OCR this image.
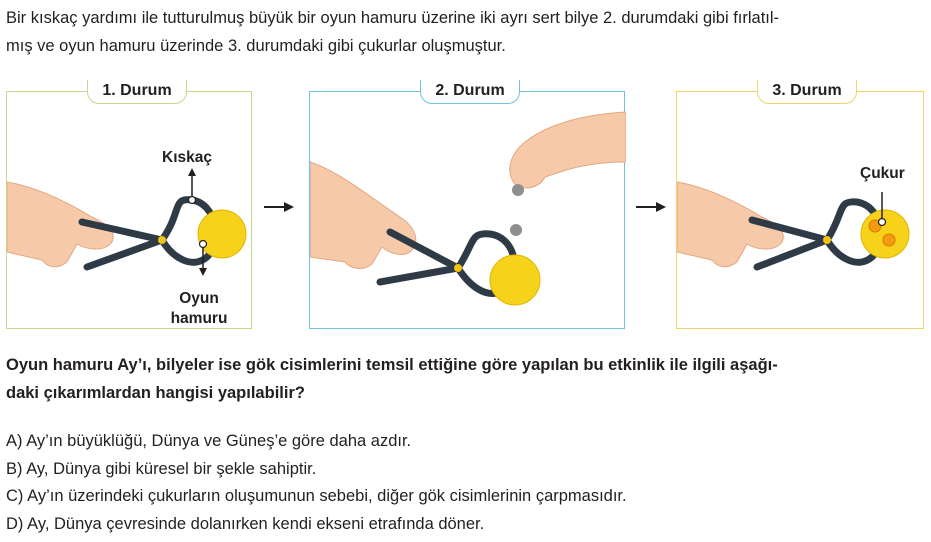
Bir kıskaç yardımı ile tutturulmuş büyük bir oyun hamuru üzerine iki ayrı sert bilye 2. durumdaki gibi fırlatıl-
mış ve oyun hamuru üzerinde 3. durumdaki gibi çukurlar oluşmuştur.

1. Durum
Kıskaç
Oyun
hamuru
2. Durum	3. Durum
Çukur

Oyun hamuru Ay’ı, bilyeler ise gök cisimlerini temsil ettiğine göre yapılan bu etkinlik ile ilgili aşağı-
daki çıkarımlardan hangisi yapılabilir?

A) Ay’ın büyüklüğü, Dünya ve Güneş’e göre daha azdır.
B) Ay, Dünya gibi küresel bir şekle sahiptir.
C) Ay’ın üzerindeki çukurların oluşumunun sebebi, diğer gök cisimlerinin çarpmasıdır.
D) Ay, Dünya çevresinde dolanırken kendi ekseni etrafında döner.
